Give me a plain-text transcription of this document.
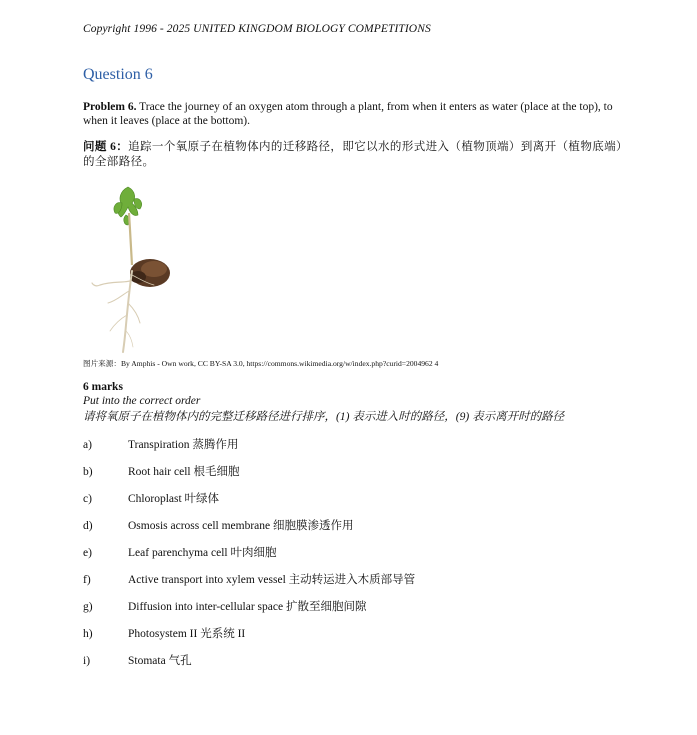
Copyright 1996 - 2025 UNITED KINGDOM BIOLOGY COMPETITIONS
Question 6
Problem 6. Trace the journey of an oxygen atom through a plant, from when it enters as water (place at the top), to when it leaves (place at the bottom).
问题 6：追踪一个氧原子在植物体内的迁移路径，即它以水的形式进入（植物顶端）到离开（植物底端）的全部路径。
图片来源：By Amphis - Own work, CC BY-SA 3.0, https://commons.wikimedia.org/w/index.php?curid=2004962 4
6 marks
Put into the correct order
请将氧原子在植物体内的完整迁移路径进行排序，(1) 表示进入时的路径，(9) 表示离开时的路径
a)	Transpiration 蒸腾作用
b)	Root hair cell 根毛细胞
c)	Chloroplast 叶绿体
d)	Osmosis across cell membrane 细胞膜渗透作用
e)	Leaf parenchyma cell 叶肉细胞
f)	Active transport into xylem vessel 主动转运进入木质部导管
g)	Diffusion into inter-cellular space 扩散至细胞间隙
h)	Photosystem II 光系统 II
i)	Stomata 气孔
